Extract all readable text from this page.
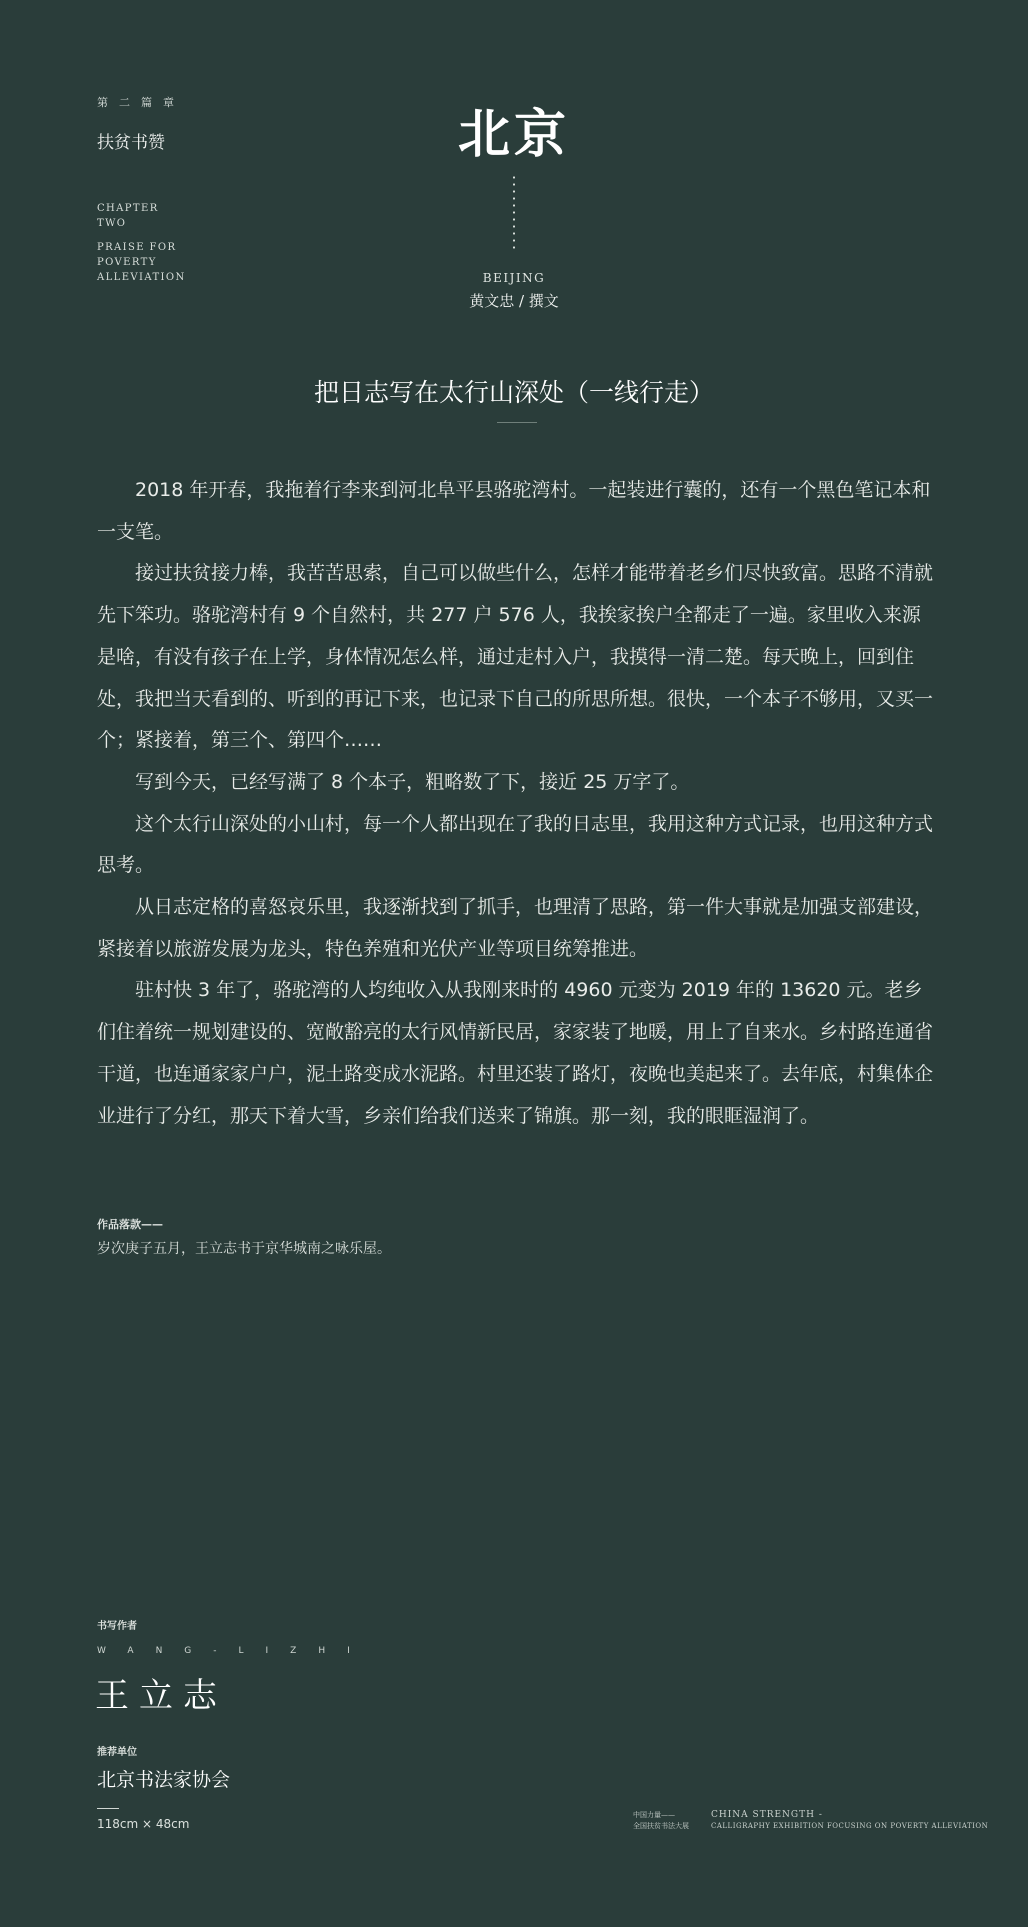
第二篇章
扶贫书赞
CHAPTER
TWO
PRAISE FOR
POVERTY
ALLEVIATION
北京
BEIJING
黄文忠 / 撰文
把日志写在太行山深处（一线行走）

2018 年开春，我拖着行李来到河北阜平县骆驼湾村。一起装进行囊的，还有一个黑色笔记本和一支笔。

接过扶贫接力棒，我苦苦思索，自己可以做些什么，怎样才能带着老乡们尽快致富。思路不清就先下笨功。骆驼湾村有 9 个自然村，共 277 户 576 人，我挨家挨户全都走了一遍。家里收入来源是啥，有没有孩子在上学，身体情况怎么样，通过走村入户，我摸得一清二楚。每天晚上，回到住处，我把当天看到的、听到的再记下来，也记录下自己的所思所想。很快，一个本子不够用，又买一个；紧接着，第三个、第四个……

写到今天，已经写满了 8 个本子，粗略数了下，接近 25 万字了。

这个太行山深处的小山村，每一个人都出现在了我的日志里，我用这种方式记录，也用这种方式思考。

从日志定格的喜怒哀乐里，我逐渐找到了抓手，也理清了思路，第一件大事就是加强支部建设，紧接着以旅游发展为龙头，特色养殖和光伏产业等项目统筹推进。

驻村快 3 年了，骆驼湾的人均纯收入从我刚来时的 4960 元变为 2019 年的 13620 元。老乡们住着统一规划建设的、宽敞豁亮的太行风情新民居，家家装了地暖，用上了自来水。乡村路连通省干道，也连通家家户户，泥土路变成水泥路。村里还装了路灯，夜晚也美起来了。去年底，村集体企业进行了分红，那天下着大雪，乡亲们给我们送来了锦旗。那一刻，我的眼眶湿润了。

作品落款——
岁次庚子五月，王立志书于京华城南之咏乐屋。
书写作者
WANG-LIZHI
王立志
推荐单位
北京书法家协会
118cm × 48cm
中国力量——
全国扶贫书法大展
CHINA STRENGTH -
CALLIGRAPHY EXHIBITION FOCUSING ON POVERTY ALLEVIATION
